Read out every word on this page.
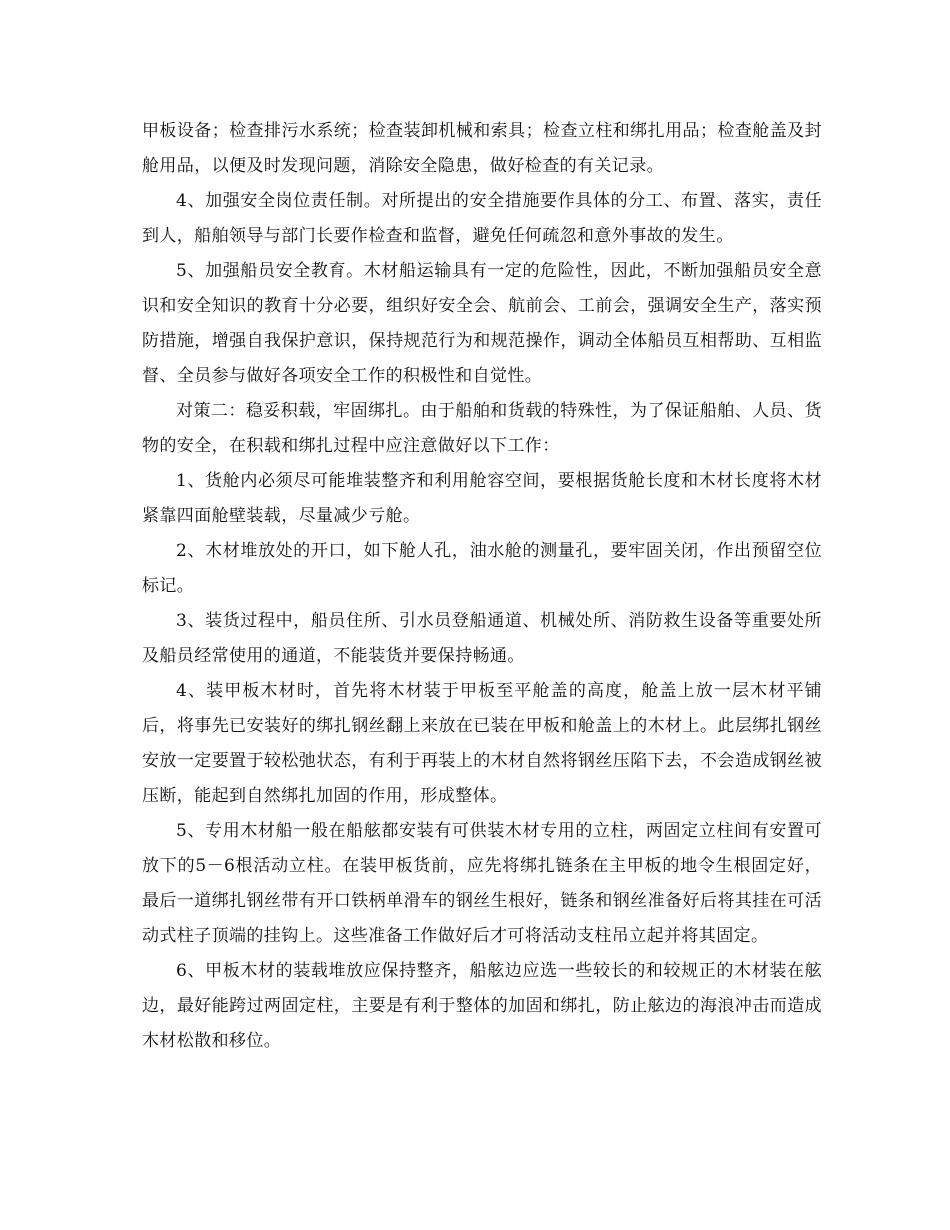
甲板设备；检查排污水系统；检查装卸机械和索具；检查立柱和绑扎用品；检查舱盖及封舱用品，以便及时发现问题，消除安全隐患，做好检查的有关记录。

4、加强安全岗位责任制。对所提出的安全措施要作具体的分工、布置、落实，责任到人，船舶领导与部门长要作检查和监督，避免任何疏忽和意外事故的发生。

5、加强船员安全教育。木材船运输具有一定的危险性，因此，不断加强船员安全意识和安全知识的教育十分必要，组织好安全会、航前会、工前会，强调安全生产，落实预防措施，增强自我保护意识，保持规范行为和规范操作，调动全体船员互相帮助、互相监督、全员参与做好各项安全工作的积极性和自觉性。

对策二：稳妥积载，牢固绑扎。由于船舶和货载的特殊性，为了保证船舶、人员、货物的安全，在积载和绑扎过程中应注意做好以下工作：

1、货舱内必须尽可能堆装整齐和利用舱容空间，要根据货舱长度和木材长度将木材紧靠四面舱壁装载，尽量减少亏舱。

2、木材堆放处的开口，如下舱人孔，油水舱的测量孔，要牢固关闭，作出预留空位标记。

3、装货过程中，船员住所、引水员登船通道、机械处所、消防救生设备等重要处所及船员经常使用的通道，不能装货并要保持畅通。

4、装甲板木材时，首先将木材装于甲板至平舱盖的高度，舱盖上放一层木材平铺后，将事先已安装好的绑扎钢丝翻上来放在已装在甲板和舱盖上的木材上。此层绑扎钢丝安放一定要置于较松弛状态，有利于再装上的木材自然将钢丝压陷下去，不会造成钢丝被压断，能起到自然绑扎加固的作用，形成整体。

5、专用木材船一般在船舷都安装有可供装木材专用的立柱，两固定立柱间有安置可放下的5－6根活动立柱。在装甲板货前，应先将绑扎链条在主甲板的地令生根固定好，最后一道绑扎钢丝带有开口铁柄单滑车的钢丝生根好，链条和钢丝准备好后将其挂在可活动式柱子顶端的挂钩上。这些准备工作做好后才可将活动支柱吊立起并将其固定。

6、甲板木材的装载堆放应保持整齐，船舷边应选一些较长的和较规正的木材装在舷边，最好能跨过两固定柱，主要是有利于整体的加固和绑扎，防止舷边的海浪冲击而造成木材松散和移位。
